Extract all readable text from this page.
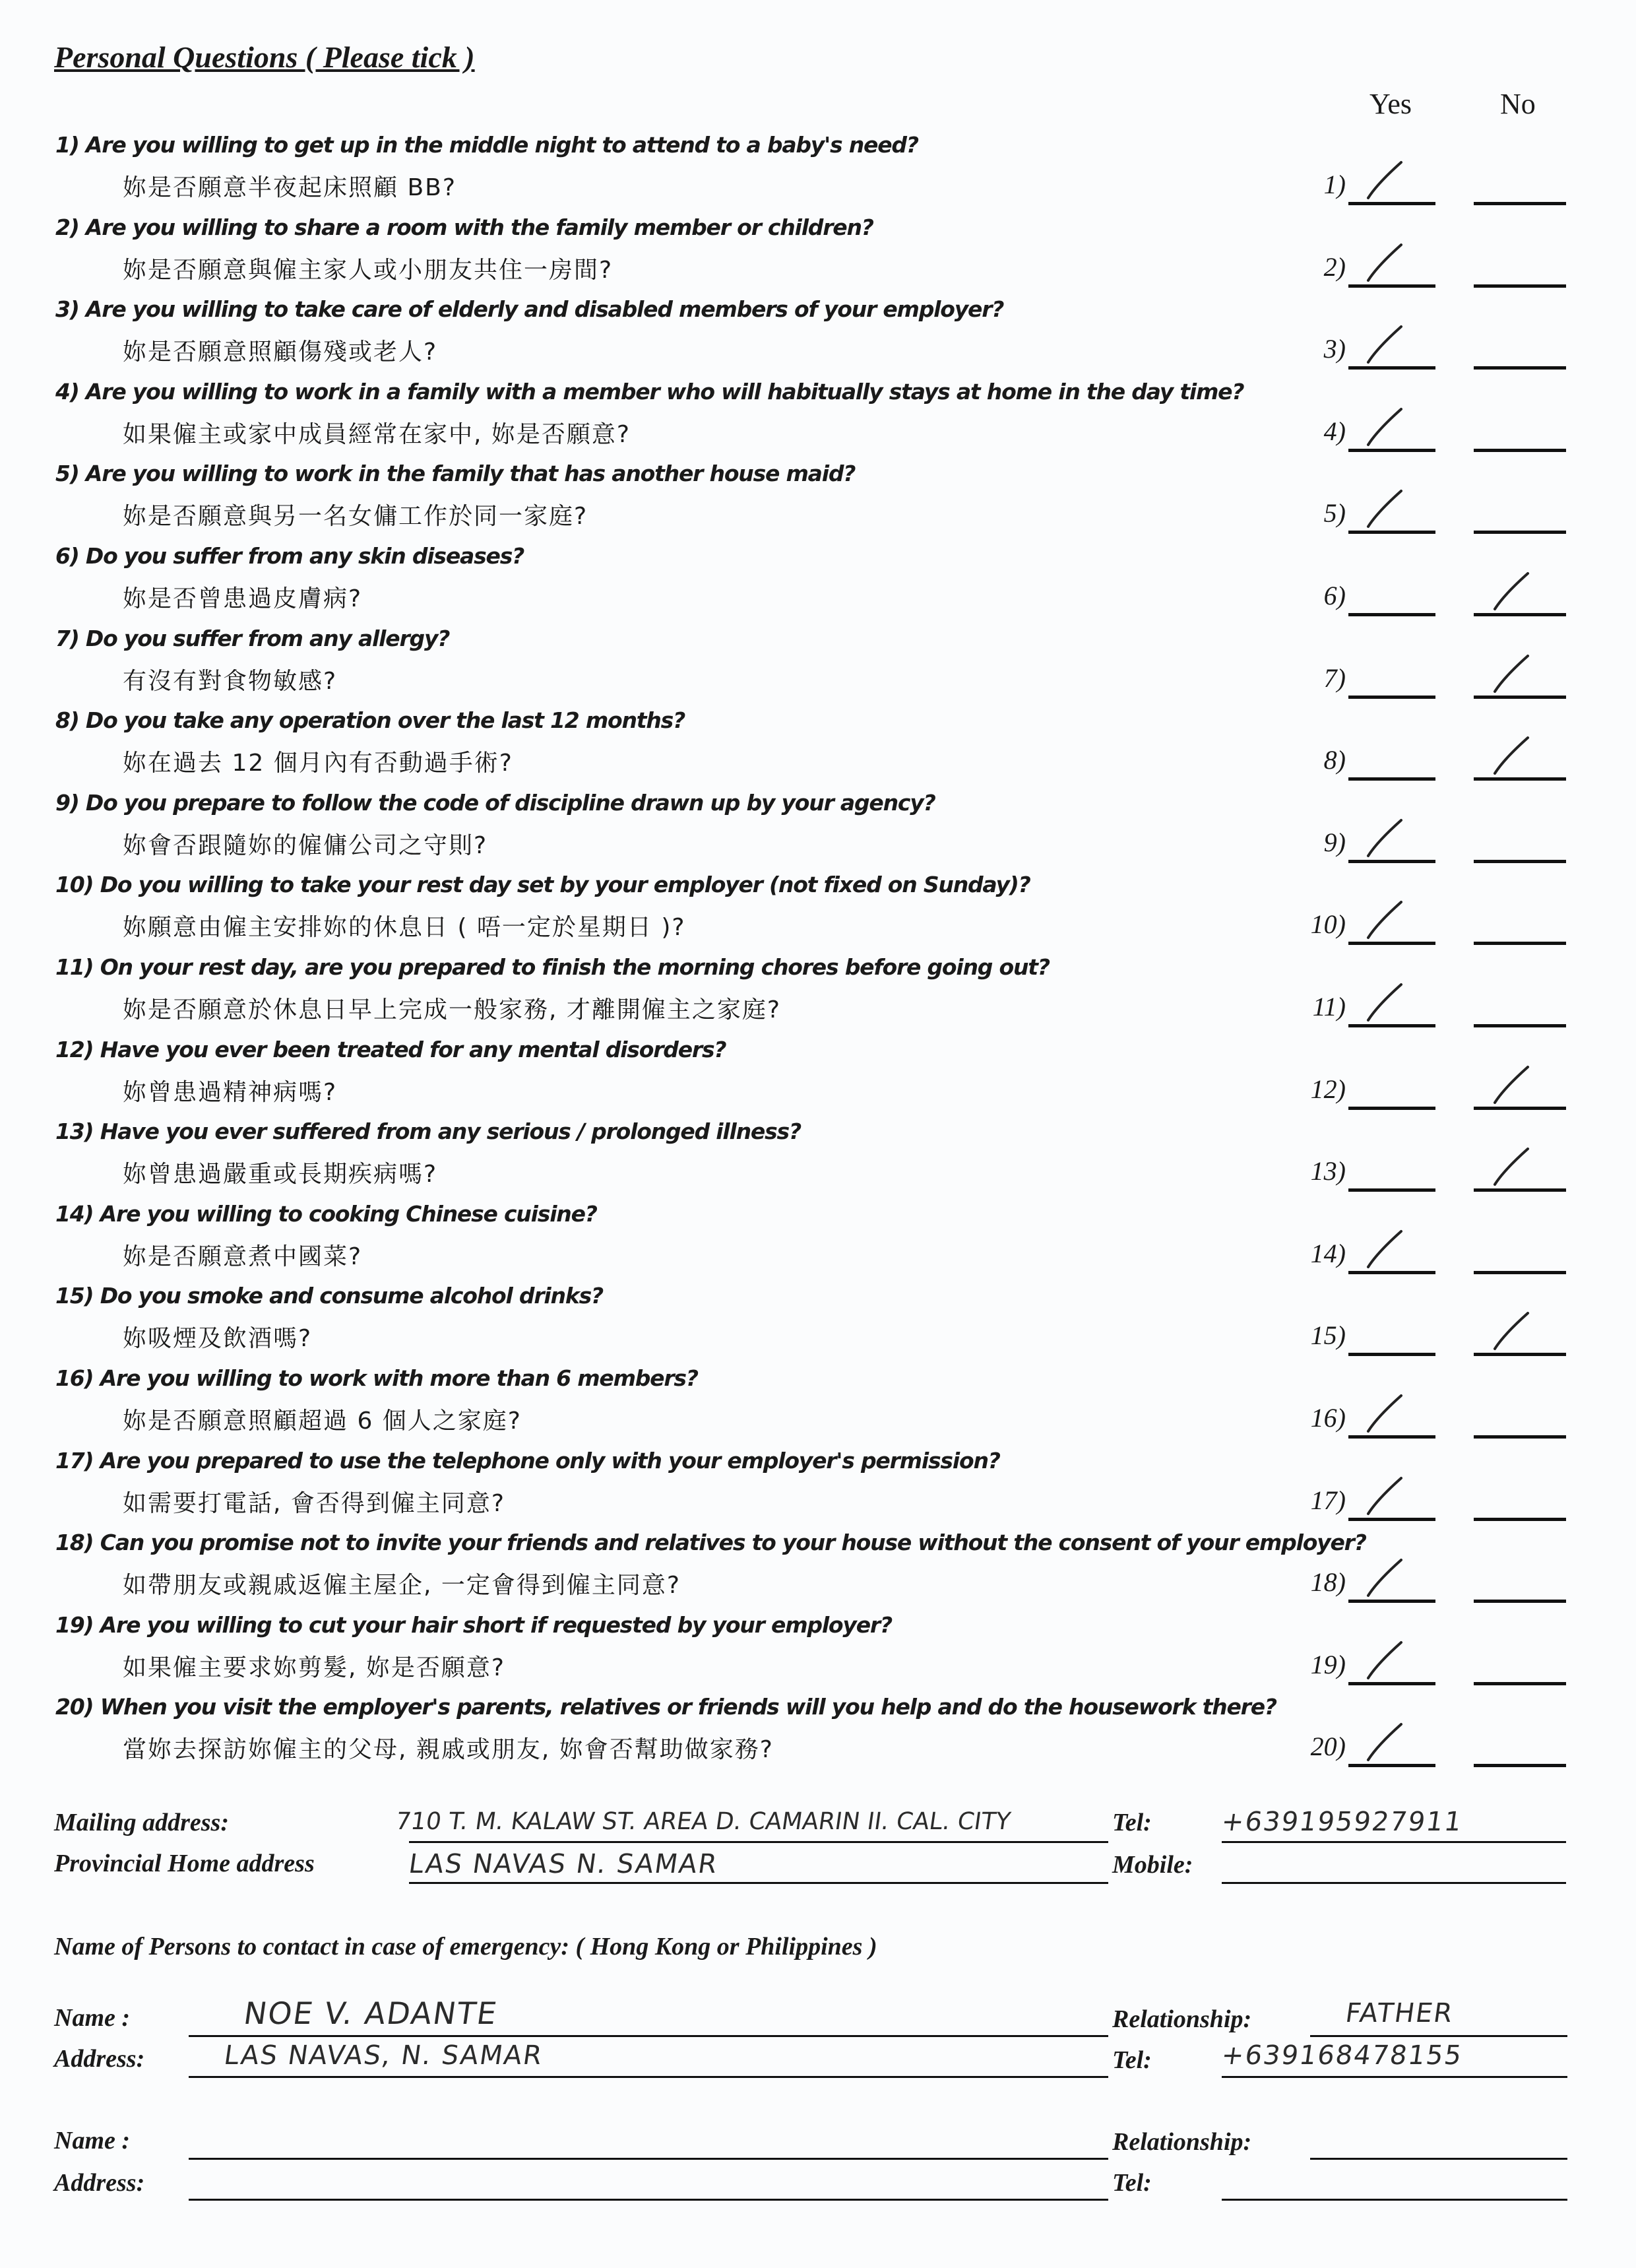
Personal Questions ( Please tick )
Yes	No
1) Are you willing to get up in the middle night to attend to a baby's need?
妳是否願意半夜起床照顧 BB?	1)
2) Are you willing to share a room with the family member or children?
妳是否願意與僱主家人或小朋友共住一房間?	2)
3) Are you willing to take care of elderly and disabled members of your employer?
妳是否願意照顧傷殘或老人?	3)
4) Are you willing to work in a family with a member who will habitually stays at home in the day time?
如果僱主或家中成員經常在家中, 妳是否願意?	4)
5) Are you willing to work in the family that has another house maid?
妳是否願意與另一名女傭工作於同一家庭?	5)
6) Do you suffer from any skin diseases?
妳是否曾患過皮膚病?	6)
7) Do you suffer from any allergy?
有沒有對食物敏感?	7)
8) Do you take any operation over the last 12 months?
妳在過去 12 個月內有否動過手術?	8)
9) Do you prepare to follow the code of discipline drawn up by your agency?
妳會否跟隨妳的僱傭公司之守則?	9)
10) Do you willing to take your rest day set by your employer (not fixed on Sunday)?
妳願意由僱主安排妳的休息日 ( 唔一定於星期日 )?	10)
11) On your rest day, are you prepared to finish the morning chores before going out?
妳是否願意於休息日早上完成一般家務, 才離開僱主之家庭?	11)
12) Have you ever been treated for any mental disorders?
妳曾患過精神病嗎?	12)
13) Have you ever suffered from any serious / prolonged illness?
妳曾患過嚴重或長期疾病嗎?	13)
14) Are you willing to cooking Chinese cuisine?
妳是否願意煮中國菜?	14)
15) Do you smoke and consume alcohol drinks?
妳吸煙及飲酒嗎?	15)
16) Are you willing to work with more than 6 members?
妳是否願意照顧超過 6 個人之家庭?	16)
17) Are you prepared to use the telephone only with your employer's permission?
如需要打電話, 會否得到僱主同意?	17)
18) Can you promise not to invite your friends and relatives to your house without the consent of your employer?
如帶朋友或親戚返僱主屋企, 一定會得到僱主同意?	18)
19) Are you willing to cut your hair short if requested by your employer?
如果僱主要求妳剪髮, 妳是否願意?	19)
20) When you visit the employer's parents, relatives or friends will you help and do the housework there?
當妳去探訪妳僱主的父母, 親戚或朋友, 妳會否幫助做家務?	20)
Mailing address:	710 T. M. KALAW ST. AREA D. CAMARIN II. CAL. CITY	Tel:	+639195927911
Provincial Home address	LAS NAVAS N. SAMAR	Mobile:
Name of Persons to contact in case of emergency: ( Hong Kong or Philippines )
Name :	NOE V. ADANTE	Relationship:	FATHER
Address:	LAS NAVAS, N. SAMAR	Tel:	+639168478155
Name :	Relationship:
Address:	Tel:
